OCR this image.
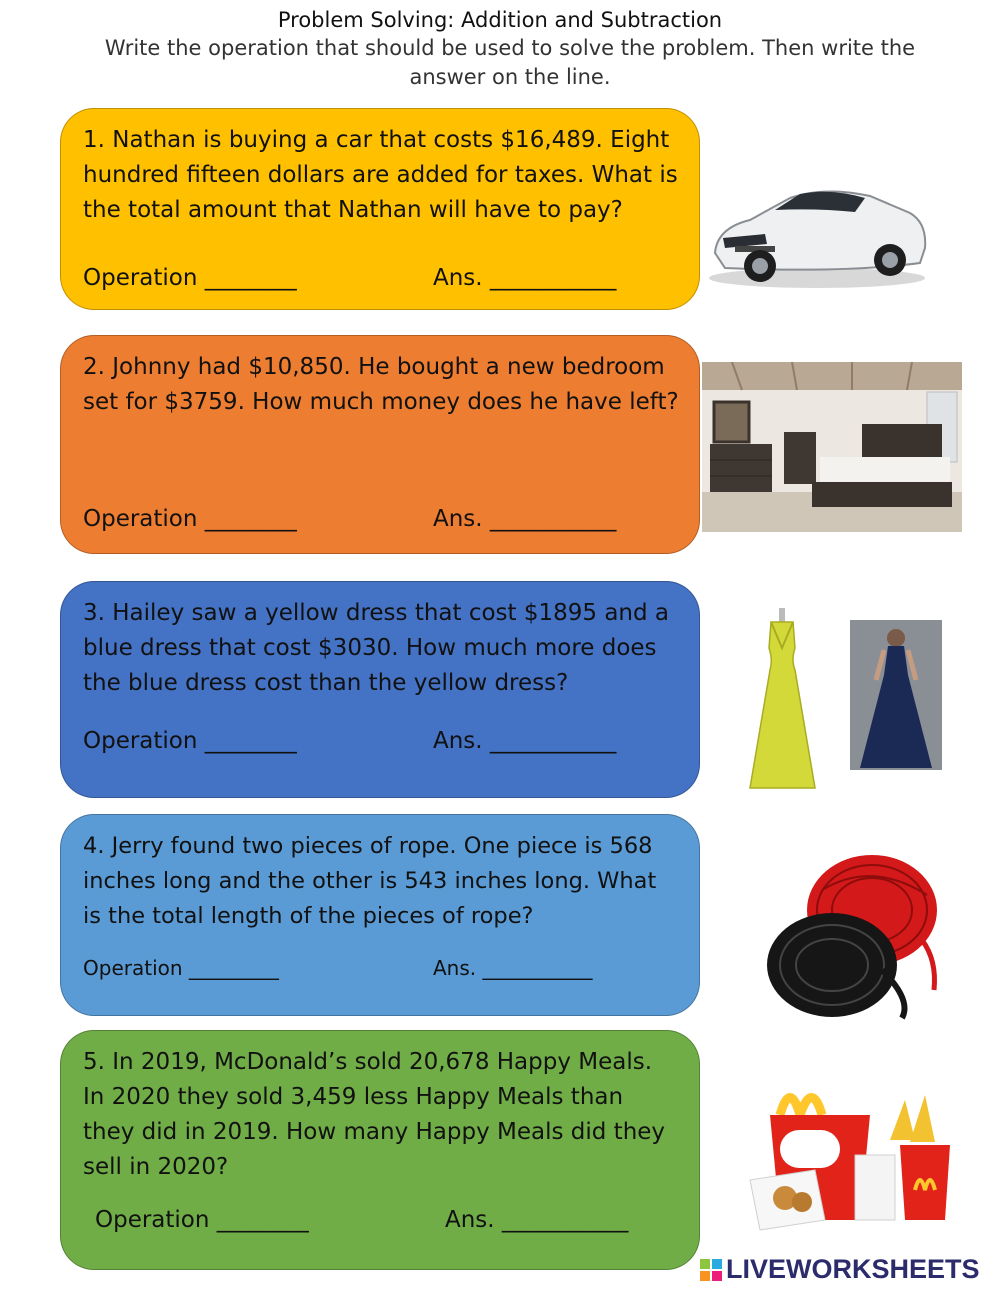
Problem Solving: Addition and Subtraction
Write the operation that should be used to solve the problem. Then write the answer on the line.
1. Nathan is buying a car that costs $16,489. Eight hundred fifteen dollars are added for taxes. What is the total amount that Nathan will have to pay?
Operation ________	Ans. ___________
2. Johnny had $10,850. He bought a new bedroom set for $3759. How much money does he have left?
Operation ________	Ans. ___________
3. Hailey saw a yellow dress that cost $1895 and a blue dress that cost $3030. How much more does the blue dress cost than the yellow dress?
Operation ________	Ans. ___________
4. Jerry found two pieces of rope. One piece is 568 inches long and the other is 543 inches long. What is the total length of the pieces of rope?
Operation _________	Ans. ___________
5. In 2019, McDonald’s sold 20,678 Happy Meals. In 2020 they sold 3,459 less Happy Meals than they did in 2019. How many Happy Meals did they sell in 2020?
Operation ________	Ans. ___________
LIVEWORKSHEETS
